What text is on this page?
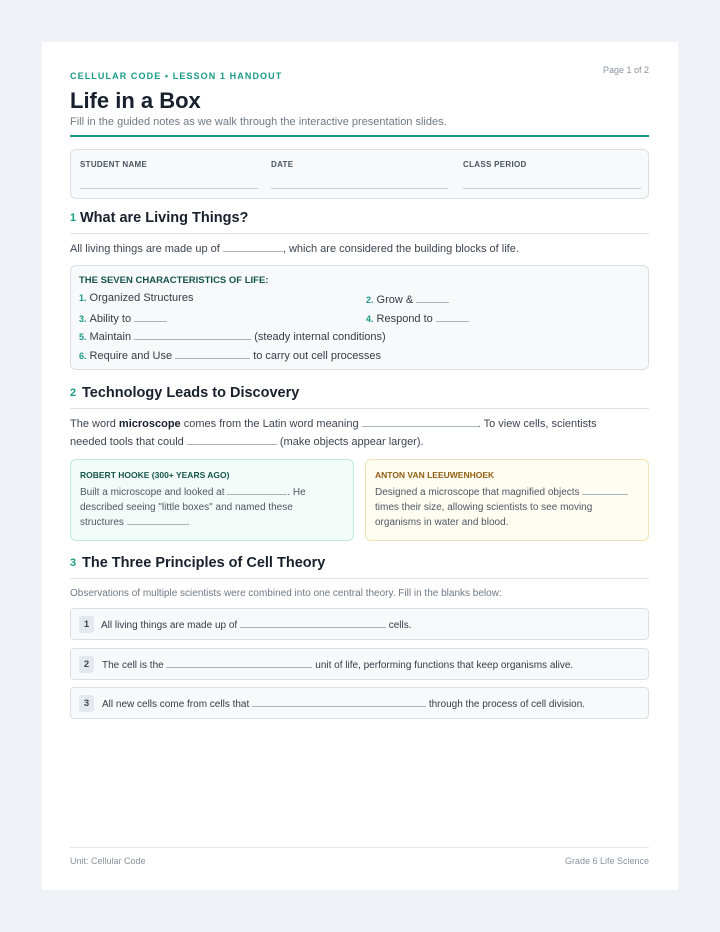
CELLULAR CODE • LESSON 1 HANDOUT
Page 1 of 2
Life in a Box
Fill in the guided notes as we walk through the interactive presentation slides.
STUDENT NAME	DATE	CLASS PERIOD
1 What are Living Things?
All living things are made up of	, which are considered the building blocks of life.
THE SEVEN CHARACTERISTICS OF LIFE:
1. Organized Structures	2. Grow &
3. Ability to	4. Respond to
5. Maintain	(steady internal conditions)
6. Require and Use	to carry out cell processes
2 Technology Leads to Discovery
The word microscope comes from the Latin word meaning	. To view cells, scientists
needed tools that could	(make objects appear larger).
ROBERT HOOKE (300+ YEARS AGO)
Built a microscope and looked at	. He
described seeing "little boxes" and named these
structures	.
ANTON VAN LEEUWENHOEK
Designed a microscope that magnified objects
times their size, allowing scientists to see moving
organisms in water and blood.
3 The Three Principles of Cell Theory
Observations of multiple scientists were combined into one central theory. Fill in the blanks below:
1	All living things are made up of	cells.
2	The cell is the	unit of life, performing functions that keep organisms alive.
3	All new cells come from cells that	through the process of cell division.
Unit: Cellular Code	Grade 6 Life Science
